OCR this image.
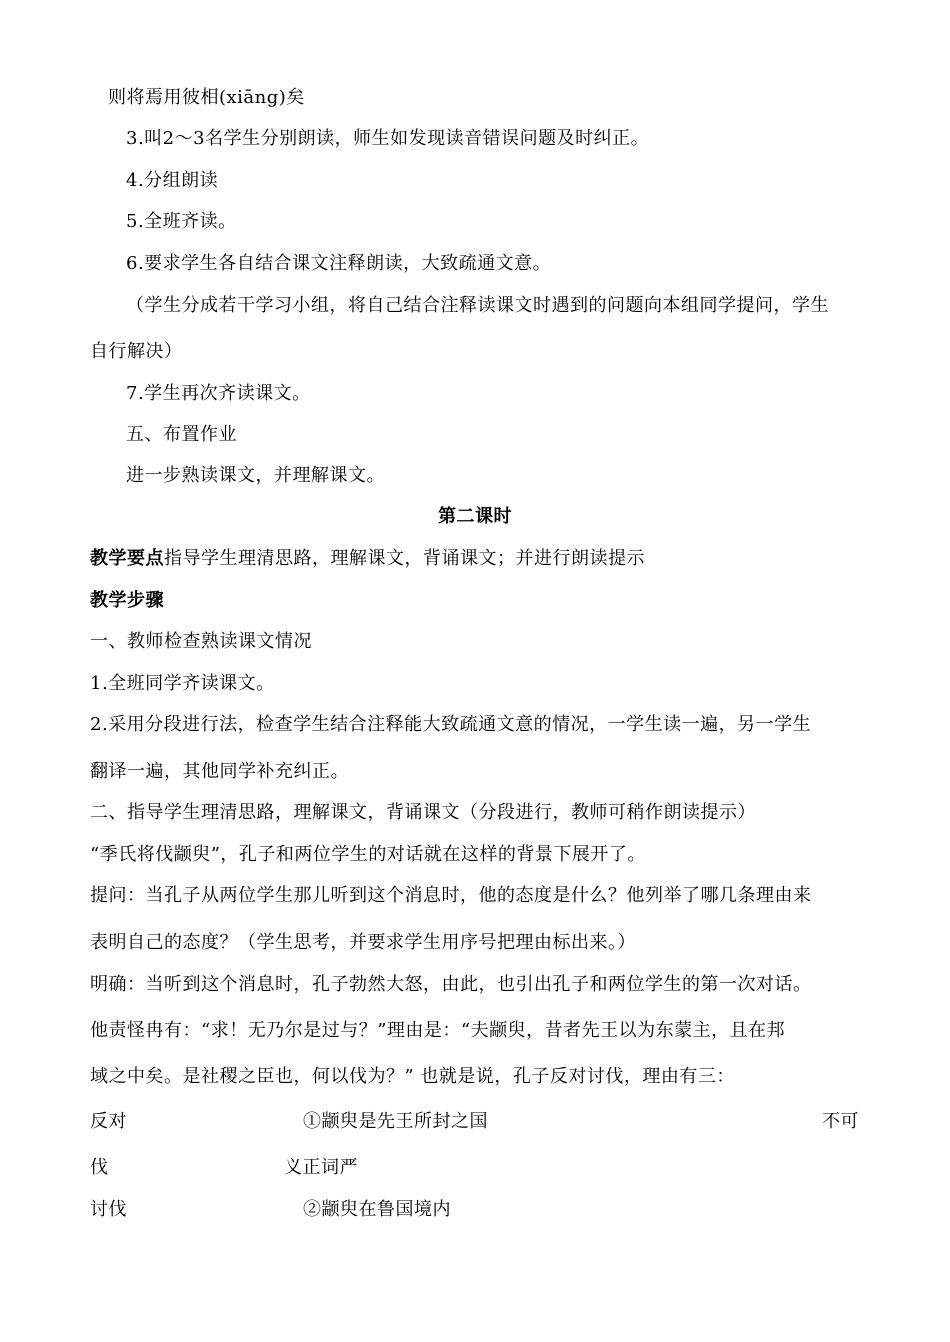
则将焉用彼相(xiāng)矣
3.叫2～3名学生分别朗读，师生如发现读音错误问题及时纠正。
4.分组朗读
5.全班齐读。
6.要求学生各自结合课文注释朗读，大致疏通文意。
（学生分成若干学习小组，将自己结合注释读课文时遇到的问题向本组同学提问，学生
自行解决）
7.学生再次齐读课文。
五、布置作业
进一步熟读课文，并理解课文。
第二课时
教学要点指导学生理清思路，理解课文，背诵课文；并进行朗读提示
教学步骤
一、教师检查熟读课文情况
1.全班同学齐读课文。
2.采用分段进行法，检查学生结合注释能大致疏通文意的情况，一学生读一遍，另一学生
翻译一遍，其他同学补充纠正。
二、指导学生理清思路，理解课文，背诵课文（分段进行，教师可稍作朗读提示）
“季氏将伐颛臾”，孔子和两位学生的对话就在这样的背景下展开了。
提问：当孔子从两位学生那儿听到这个消息时，他的态度是什么？他列举了哪几条理由来
表明自己的态度？（学生思考，并要求学生用序号把理由标出来。）
明确：当听到这个消息时，孔子勃然大怒，由此，也引出孔子和两位学生的第一次对话。
他责怪冉有：“求！无乃尔是过与？”理由是：“夫颛臾，昔者先王以为东蒙主，且在邦
域之中矣。是社稷之臣也，何以伐为？” 也就是说，孔子反对讨伐，理由有三：
反对	①颛臾是先王所封之国	不可
伐	义正词严
讨伐	②颛臾在鲁国境内
